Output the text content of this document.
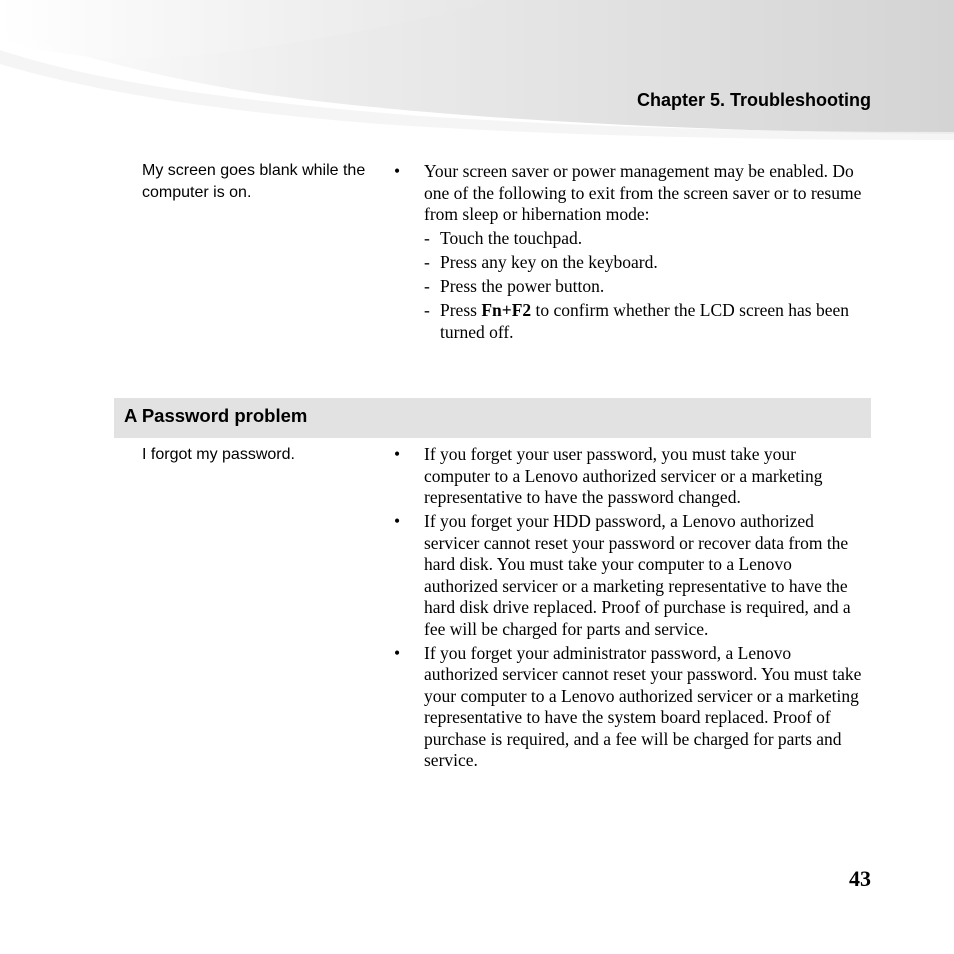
Chapter 5. Troubleshooting
My screen goes blank while the computer is on.
• Your screen saver or power management may be enabled. Do one of the following to exit from the screen saver or to resume from sleep or hibernation mode:
- Touch the touchpad.
- Press any key on the keyboard.
- Press the power button.
- Press Fn+F2 to confirm whether the LCD screen has been turned off.
A Password problem
I forgot my password.	• If you forget your user password, you must take your computer to a Lenovo authorized servicer or a marketing representative to have the password changed.
• If you forget your HDD password, a Lenovo authorized servicer cannot reset your password or recover data from the hard disk. You must take your computer to a Lenovo authorized servicer or a marketing representative to have the hard disk drive replaced. Proof of purchase is required, and a fee will be charged for parts and service.
• If you forget your administrator password, a Lenovo authorized servicer cannot reset your password. You must take your computer to a Lenovo authorized servicer or a marketing representative to have the system board replaced. Proof of purchase is required, and a fee will be charged for parts and service.
43
